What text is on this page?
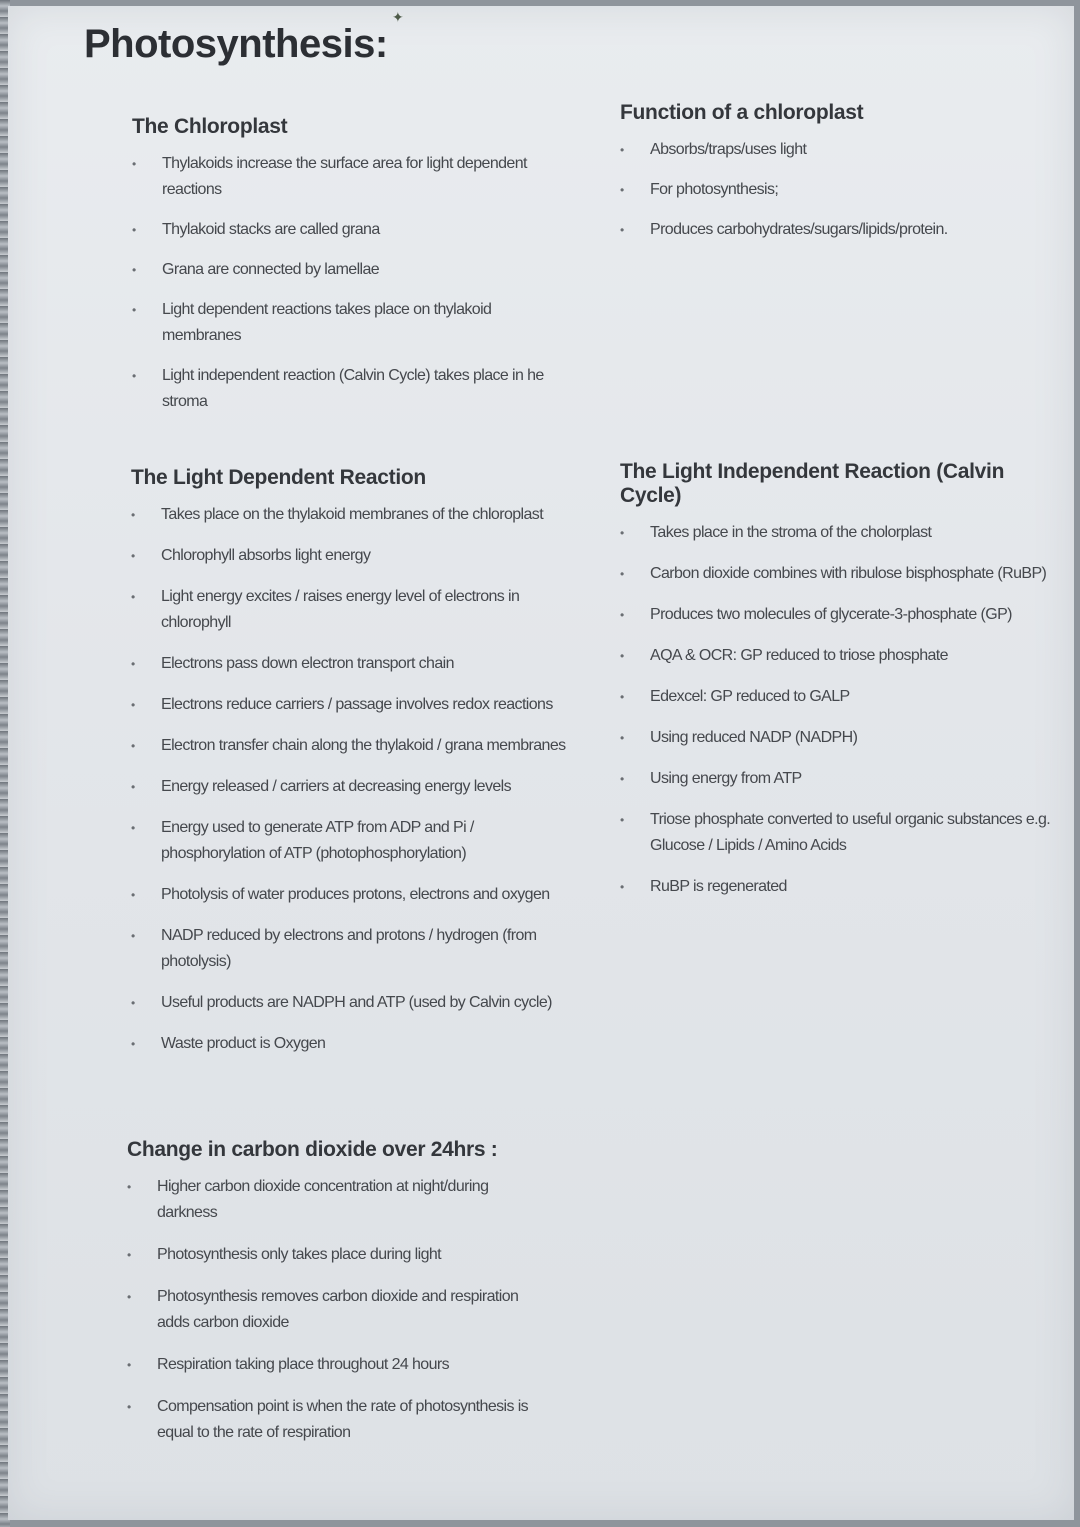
✦
Photosynthesis:
The Chloroplast
• Thylakoids increase the surface area for light dependent reactions
• Thylakoid stacks are called grana
• Grana are connected by lamellae
• Light dependent reactions takes place on thylakoid membranes
• Light independent reaction (Calvin Cycle) takes place in he stroma
Function of a chloroplast
• Absorbs/traps/uses light
• For photosynthesis;
• Produces carbohydrates/sugars/lipids/protein.
The Light Dependent Reaction
• Takes place on the thylakoid membranes of the chloroplast
• Chlorophyll absorbs light energy
• Light energy excites / raises energy level of electrons in chlorophyll
• Electrons pass down electron transport chain
• Electrons reduce carriers / passage involves redox reactions
• Electron transfer chain along the thylakoid / grana membranes
• Energy released / carriers at decreasing energy levels
• Energy used to generate ATP from ADP and Pi / phosphorylation of ATP (photophosphorylation)
• Photolysis of water produces protons, electrons and oxygen
• NADP reduced by electrons and protons / hydrogen (from photolysis)
• Useful products are NADPH and ATP (used by Calvin cycle)
• Waste product is Oxygen
The Light Independent Reaction (Calvin Cycle)
• Takes place in the stroma of the cholorplast
• Carbon dioxide combines with ribulose bisphosphate (RuBP)
• Produces two molecules of glycerate-3-phosphate (GP)
• AQA & OCR: GP reduced to triose phosphate
• Edexcel: GP reduced to GALP
• Using reduced NADP (NADPH)
• Using energy from ATP
• Triose phosphate converted to useful organic substances e.g. Glucose / Lipids / Amino Acids
• RuBP is regenerated
Change in carbon dioxide over 24hrs :
• Higher carbon dioxide concentration at night/during darkness
• Photosynthesis only takes place during light
• Photosynthesis removes carbon dioxide and respiration adds carbon dioxide
• Respiration taking place throughout 24 hours
• Compensation point is when the rate of photosynthesis is equal to the rate of respiration
